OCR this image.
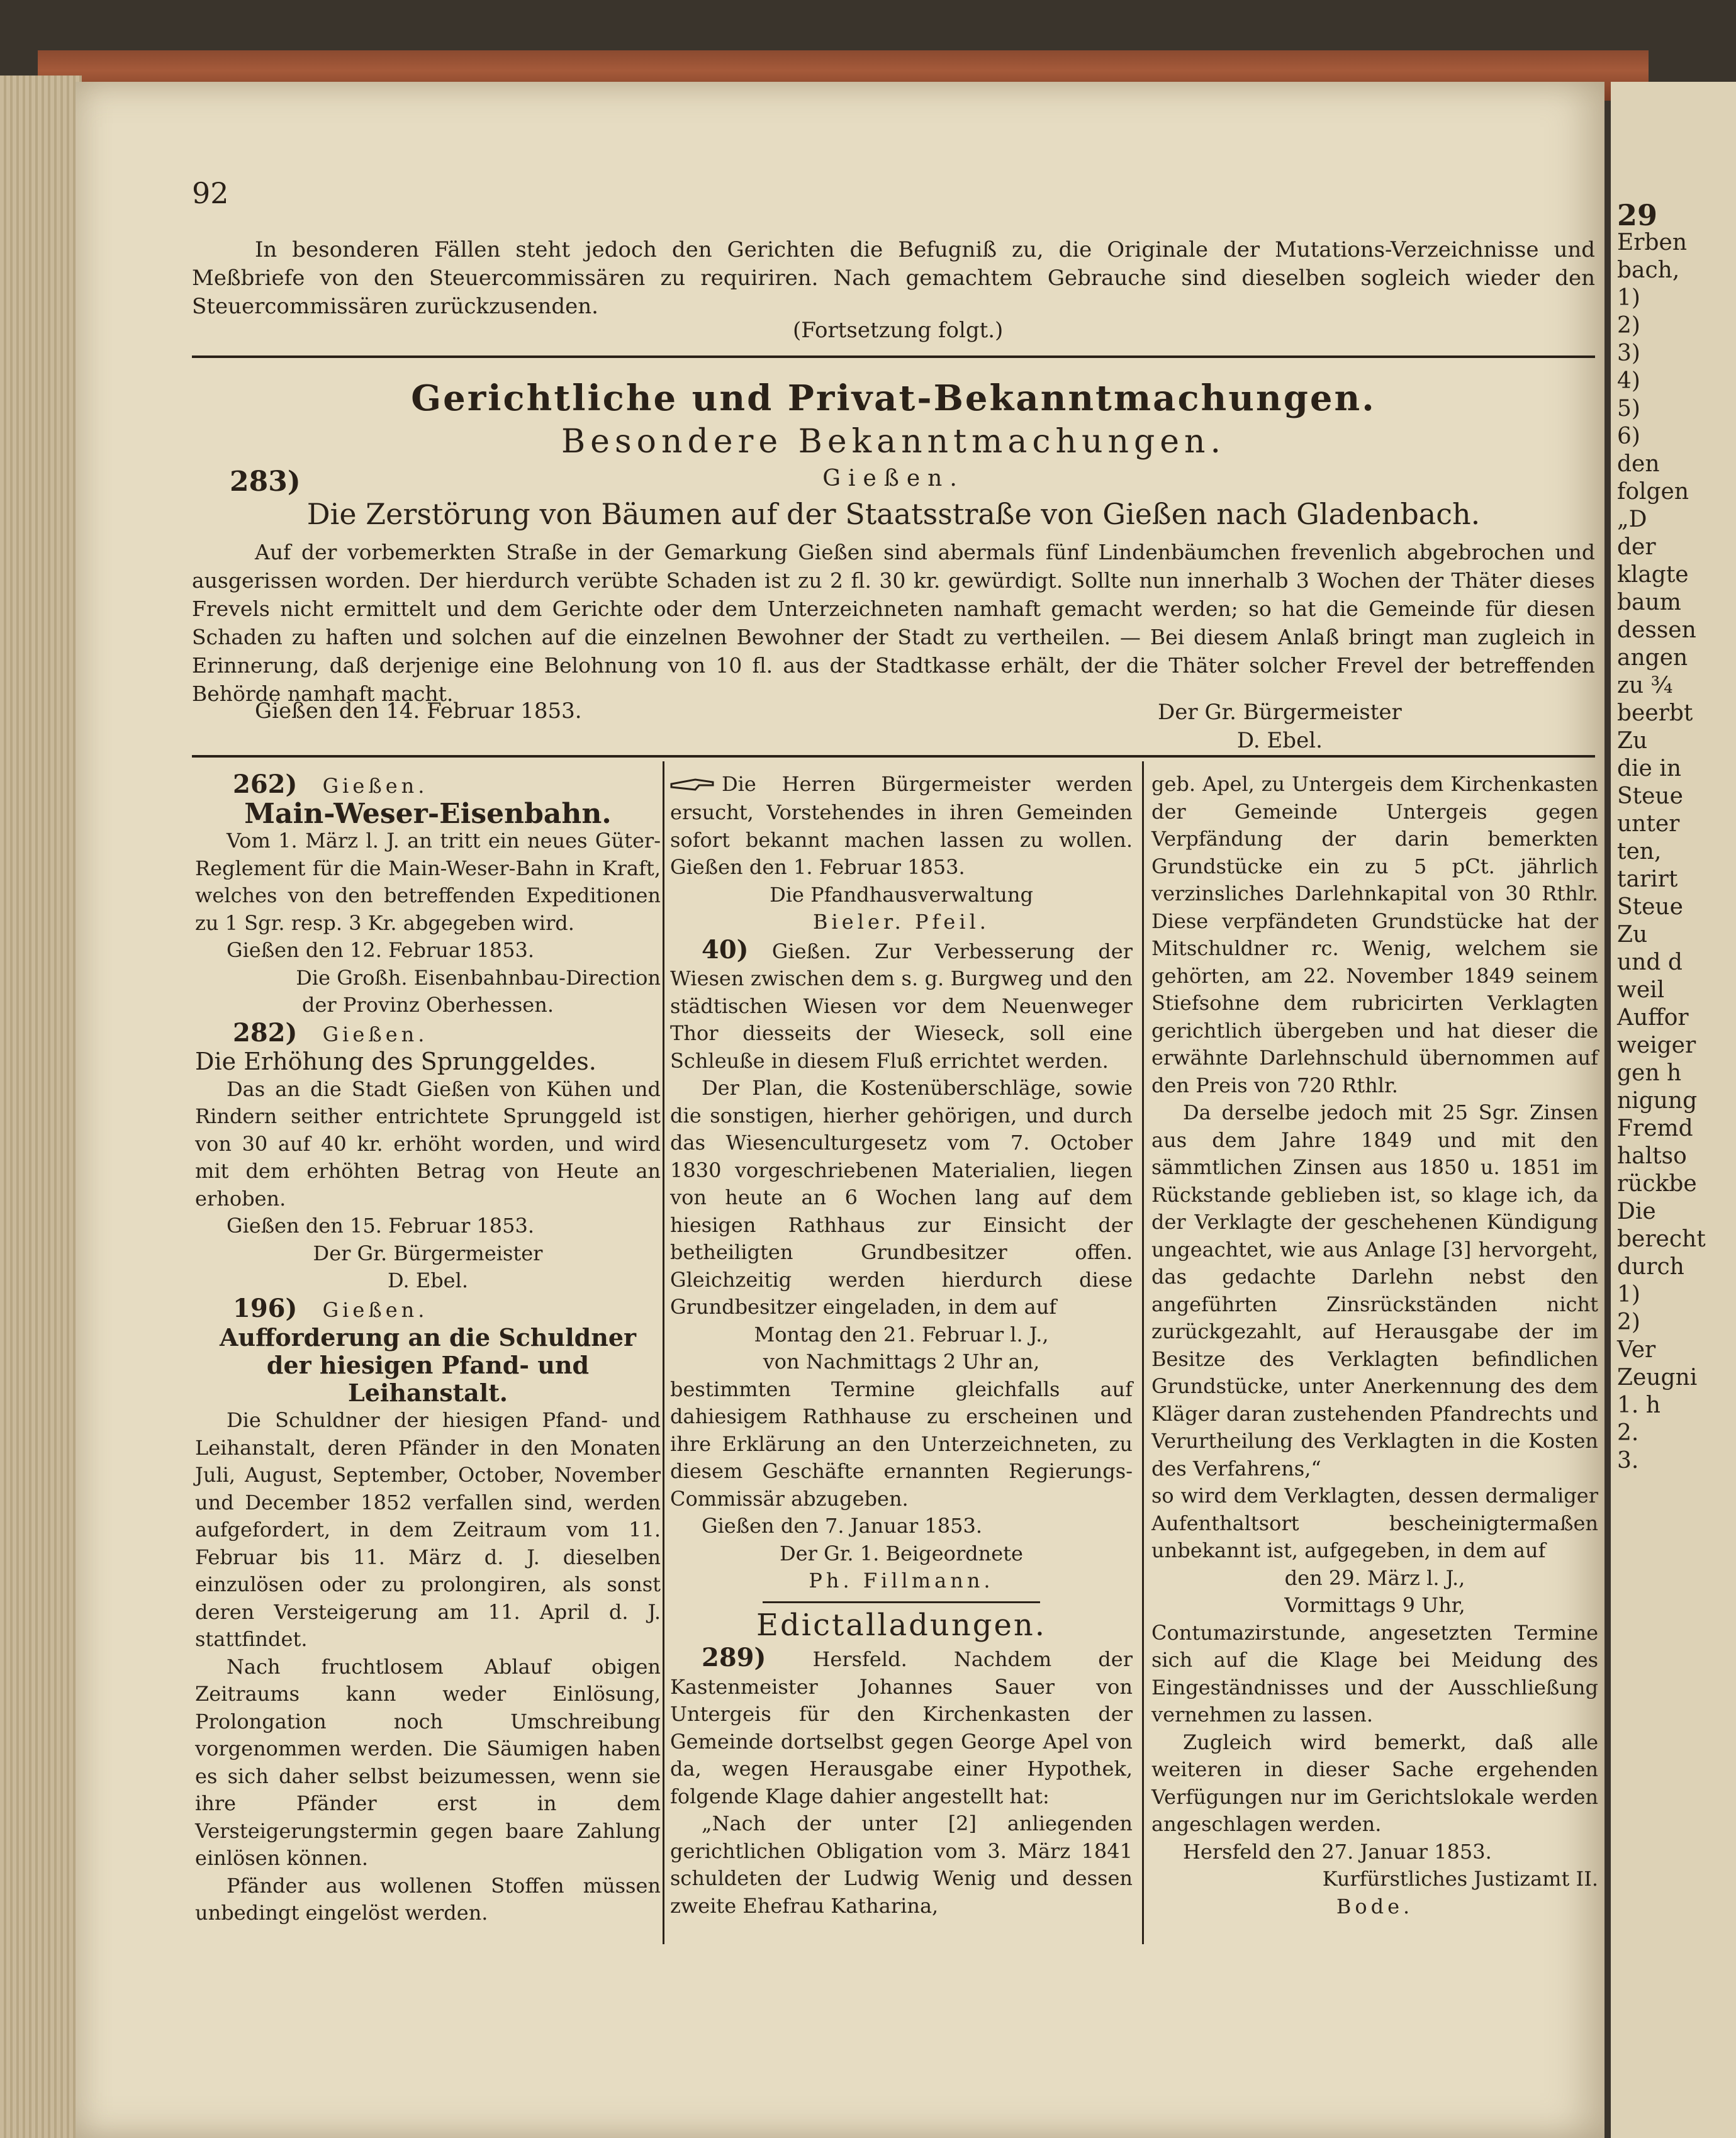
29
Erben
bach,
1)
2)
3)
4)
5)
6)
den
folgen
„D
der
klagte
baum
dessen
angen
zu ¾
beerbt
Zu
die in
Steue
unter
ten,
tarirt
Steue
Zu
und d
weil
Auffor
weiger
gen h
nigung
Fremd
haltso
rückbe
Die
berecht
durch
1)
2)
Ver
Zeugni
1. h
2.
3.
92
In besonderen Fällen steht jedoch den Gerichten die Befugniß zu, die Originale der Mutations-Verzeichnisse und Meßbriefe von den Steuercommissären zu requiriren. Nach gemachtem Gebrauche sind dieselben sogleich wieder den Steuercommissären zurückzusenden.
(Fortsetzung folgt.)
Gerichtliche und Privat-Bekanntmachungen.
Besondere Bekanntmachungen.
283)	Gießen.
Die Zerstörung von Bäumen auf der Staatsstraße von Gießen nach Gladenbach.
Auf der vorbemerkten Straße in der Gemarkung Gießen sind abermals fünf Lindenbäumchen frevenlich abgebrochen und ausgerissen worden. Der hierdurch verübte Schaden ist zu 2 fl. 30 kr. gewürdigt. Sollte nun innerhalb 3 Wochen der Thäter dieses Frevels nicht ermittelt und dem Gerichte oder dem Unterzeichneten namhaft gemacht werden; so hat die Gemeinde für diesen Schaden zu haften und solchen auf die einzelnen Bewohner der Stadt zu vertheilen. — Bei diesem Anlaß bringt man zugleich in Erinnerung, daß derjenige eine Belohnung von 10 fl. aus der Stadtkasse erhält, der die Thäter solcher Frevel der betreffenden Behörde namhaft macht.
Gießen den 14. Februar 1853.	Der Gr. Bürgermeister
D. Ebel.

262) Gießen.

Main-Weser-Eisenbahn.

Vom 1. März l. J. an tritt ein neues Güter-Reglement für die Main-Weser-Bahn in Kraft, welches von den betreffenden Expeditionen zu 1 Sgr. resp. 3 Kr. abgegeben wird.

Gießen den 12. Februar 1853.

Die Großh. Eisenbahnbau-Direction

der Provinz Oberhessen.

282) Gießen.

Die Erhöhung des Sprunggeldes.

Das an die Stadt Gießen von Kühen und Rindern seither entrichtete Sprunggeld ist von 30 auf 40 kr. erhöht worden, und wird mit dem erhöhten Betrag von Heute an erhoben.

Gießen den 15. Februar 1853.

Der Gr. Bürgermeister

D. Ebel.

196) Gießen.

Aufforderung an die Schuldner der hiesigen Pfand- und Leihanstalt.

Die Schuldner der hiesigen Pfand- und Leihanstalt, deren Pfänder in den Monaten Juli, August, September, October, November und December 1852 verfallen sind, werden aufgefordert, in dem Zeitraum vom 11. Februar bis 11. März d. J. dieselben einzulösen oder zu prolongiren, als sonst deren Versteigerung am 11. April d. J. stattfindet.

Nach fruchtlosem Ablauf obigen Zeitraums kann weder Einlösung, Prolongation noch Umschreibung vorgenommen werden. Die Säumigen haben es sich daher selbst beizumessen, wenn sie ihre Pfänder erst in dem Versteigerungstermin gegen baare Zahlung einlösen können.

Pfänder aus wollenen Stoffen müssen unbedingt eingelöst werden.

Die Herren Bürgermeister werden ersucht, Vorstehendes in ihren Gemeinden sofort bekannt machen lassen zu wollen. Gießen den 1. Februar 1853.

Die Pfandhausverwaltung

Bieler. Pfeil.

40) Gießen. Zur Verbesserung der Wiesen zwischen dem s. g. Burgweg und den städtischen Wiesen vor dem Neuenweger Thor diesseits der Wieseck, soll eine Schleuße in diesem Fluß errichtet werden.

Der Plan, die Kostenüberschläge, sowie die sonstigen, hierher gehörigen, und durch das Wiesenculturgesetz vom 7. October 1830 vorgeschriebenen Materialien, liegen von heute an 6 Wochen lang auf dem hiesigen Rathhaus zur Einsicht der betheiligten Grundbesitzer offen. Gleichzeitig werden hierdurch diese Grundbesitzer eingeladen, in dem auf

Montag den 21. Februar l. J.,

von Nachmittags 2 Uhr an,

bestimmten Termine gleichfalls auf dahiesigem Rathhause zu erscheinen und ihre Erklärung an den Unterzeichneten, zu diesem Geschäfte ernannten Regierungs-Commissär abzugeben.

Gießen den 7. Januar 1853.

Der Gr. 1. Beigeordnete

Ph. Fillmann.

Edictalladungen.

289) Hersfeld. Nachdem der Kastenmeister Johannes Sauer von Untergeis für den Kirchenkasten der Gemeinde dortselbst gegen George Apel von da, wegen Herausgabe einer Hypothek, folgende Klage dahier angestellt hat:

„Nach der unter [2] anliegenden gerichtlichen Obligation vom 3. März 1841 schuldeten der Ludwig Wenig und dessen zweite Ehefrau Katharina,

geb. Apel, zu Untergeis dem Kirchenkasten der Gemeinde Untergeis gegen Verpfändung der darin bemerkten Grundstücke ein zu 5 pCt. jährlich verzinsliches Darlehnkapital von 30 Rthlr. Diese verpfändeten Grundstücke hat der Mitschuldner rc. Wenig, welchem sie gehörten, am 22. November 1849 seinem Stiefsohne dem rubricirten Verklagten gerichtlich übergeben und hat dieser die erwähnte Darlehnschuld übernommen auf den Preis von 720 Rthlr.

Da derselbe jedoch mit 25 Sgr. Zinsen aus dem Jahre 1849 und mit den sämmtlichen Zinsen aus 1850 u. 1851 im Rückstande geblieben ist, so klage ich, da der Verklagte der geschehenen Kündigung ungeachtet, wie aus Anlage [3] hervorgeht, das gedachte Darlehn nebst den angeführten Zinsrückständen nicht zurückgezahlt, auf Herausgabe der im Besitze des Verklagten befindlichen Grundstücke, unter Anerkennung des dem Kläger daran zustehenden Pfandrechts und Verurtheilung des Verklagten in die Kosten des Verfahrens,“

so wird dem Verklagten, dessen dermaliger Aufenthaltsort bescheinigtermaßen unbekannt ist, aufgegeben, in dem auf

den 29. März l. J.,

Vormittags 9 Uhr,

Contumazirstunde, angesetzten Termine sich auf die Klage bei Meidung des Eingeständnisses und der Ausschließung vernehmen zu lassen.

Zugleich wird bemerkt, daß alle weiteren in dieser Sache ergehenden Verfügungen nur im Gerichtslokale werden angeschlagen werden.

Hersfeld den 27. Januar 1853.

Kurfürstliches Justizamt II.

Bode.
